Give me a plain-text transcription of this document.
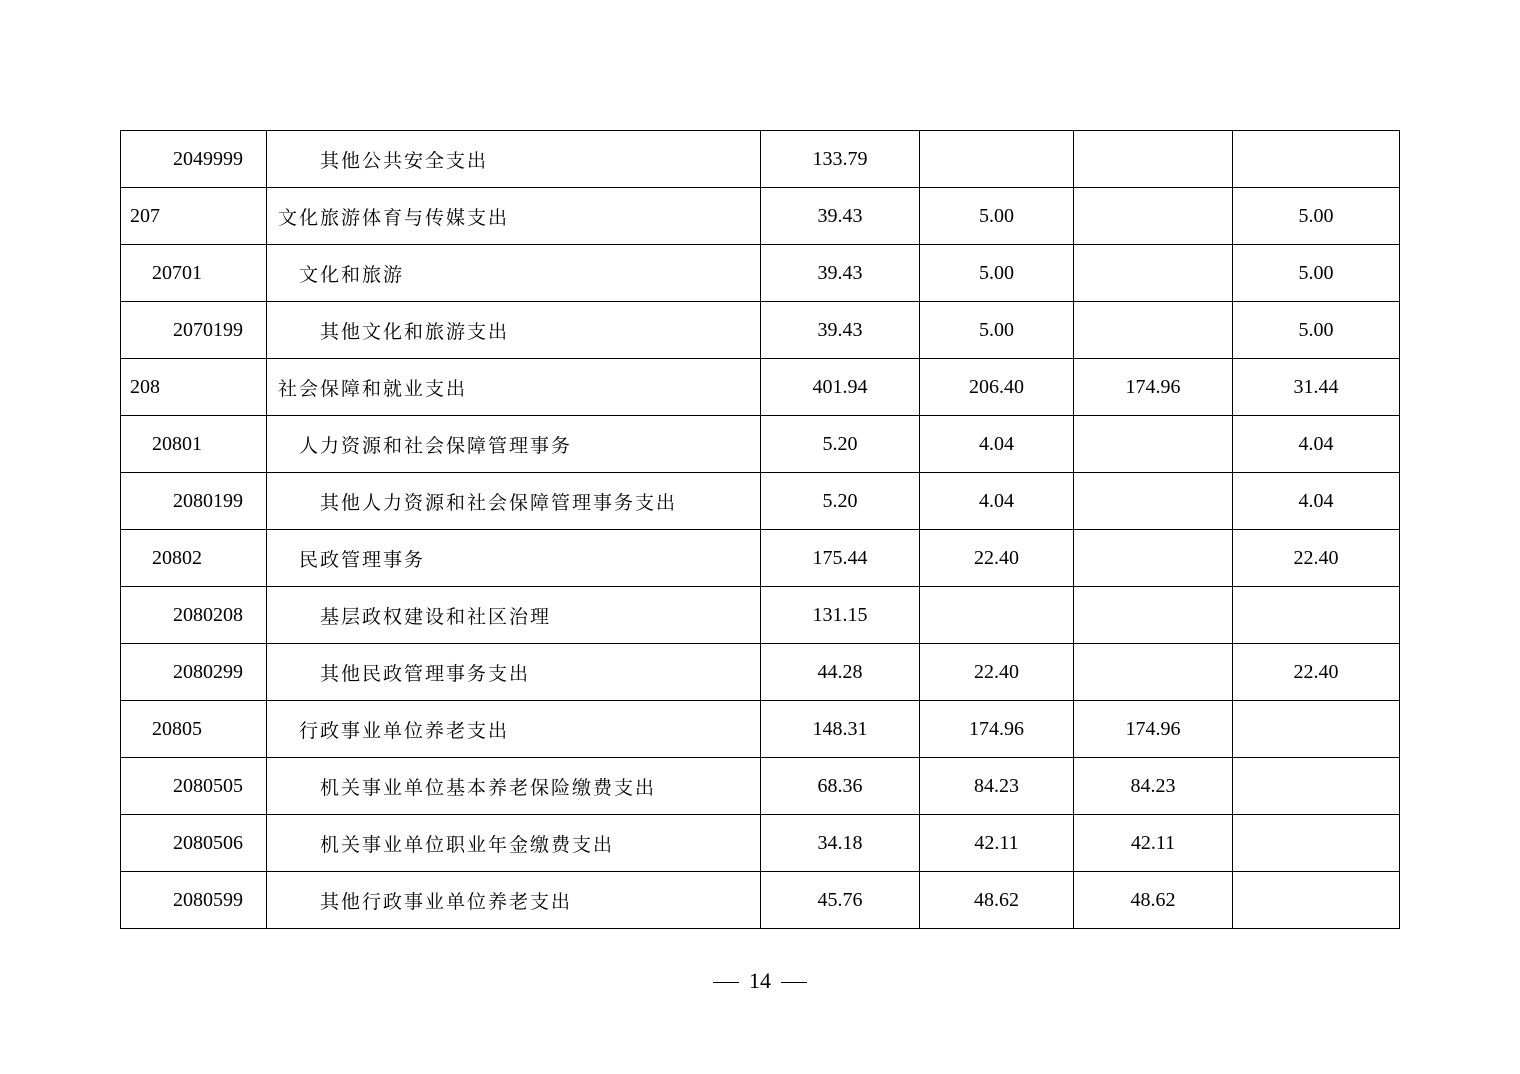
2049999	其他公共安全支出	133.79			
207	文化旅游体育与传媒支出	39.43	5.00		5.00
20701	文化和旅游	39.43	5.00		5.00
2070199	其他文化和旅游支出	39.43	5.00		5.00
208	社会保障和就业支出	401.94	206.40	174.96	31.44
20801	人力资源和社会保障管理事务	5.20	4.04		4.04
2080199	其他人力资源和社会保障管理事务支出	5.20	4.04		4.04
20802	民政管理事务	175.44	22.40		22.40
2080208	基层政权建设和社区治理	131.15			
2080299	其他民政管理事务支出	44.28	22.40		22.40
20805	行政事业单位养老支出	148.31	174.96	174.96	
2080505	机关事业单位基本养老保险缴费支出	68.36	84.23	84.23	
2080506	机关事业单位职业年金缴费支出	34.18	42.11	42.11	
2080599	其他行政事业单位养老支出	45.76	48.62	48.62	
14
